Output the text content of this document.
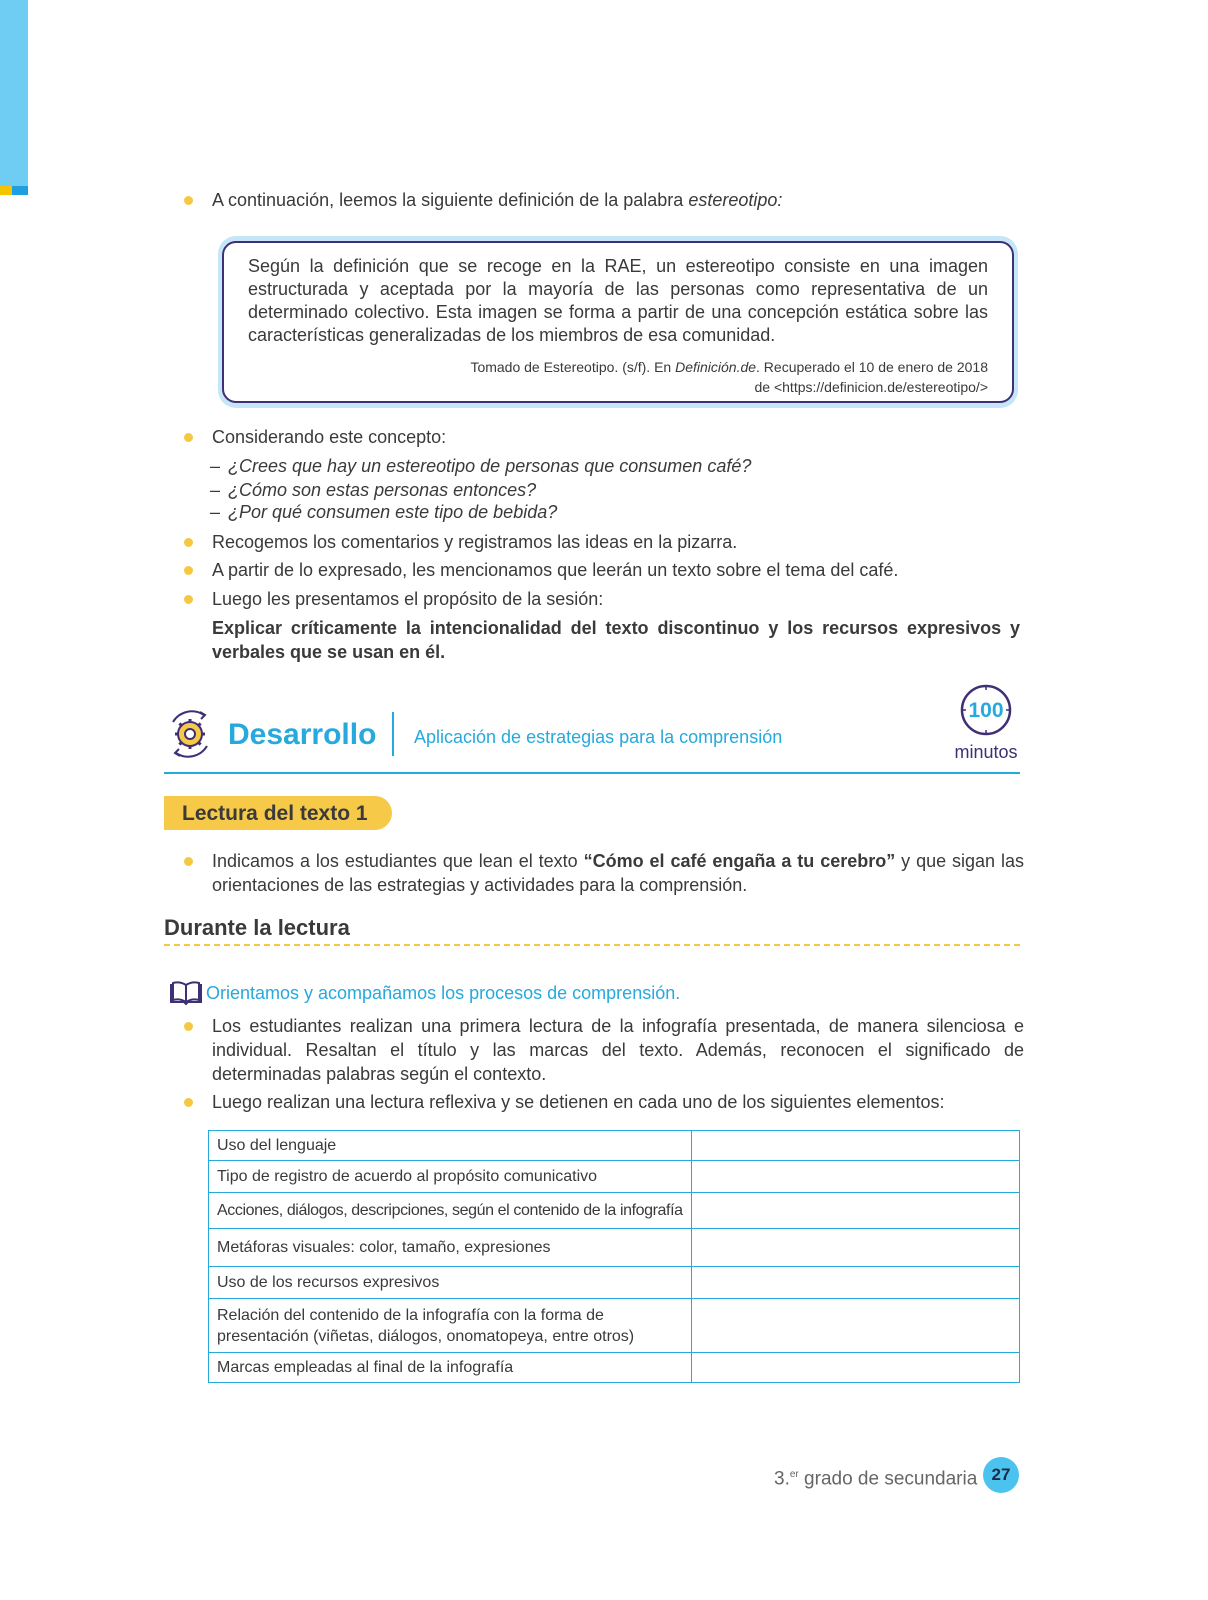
A continuación, leemos la siguiente definición de la palabra estereotipo:
Según la definición que se recoge en la RAE, un estereotipo consiste en una imagen estructurada y aceptada por la mayoría de las personas como representativa de un determinado colectivo. Esta imagen se forma a partir de una concepción estática sobre las características generalizadas de los miembros de esa comunidad.
Tomado de Estereotipo. (s/f). En Definición.de. Recuperado el 10 de enero de 2018
de <https://definicion.de/estereotipo/>
Considerando este concepto:
– ¿Crees que hay un estereotipo de personas que consumen café?
– ¿Cómo son estas personas entonces?
– ¿Por qué consumen este tipo de bebida?
Recogemos los comentarios y registramos las ideas en la pizarra.
A partir de lo expresado, les mencionamos que leerán un texto sobre el tema del café.
Luego les presentamos el propósito de la sesión:
Explicar críticamente la intencionalidad del texto discontinuo y los recursos expresivos y verbales que se usan en él.
Desarrollo Aplicación de estrategias para la comprensión
100
minutos
Lectura del texto 1
Indicamos a los estudiantes que lean el texto “Cómo el café engaña a tu cerebro” y que sigan las orientaciones de las estrategias y actividades para la comprensión.
Durante la lectura
Orientamos y acompañamos los procesos de comprensión.
Los estudiantes realizan una primera lectura de la infografía presentada, de manera silenciosa e individual. Resaltan el título y las marcas del texto. Además, reconocen el significado de determinadas palabras según el contexto.
Luego realizan una lectura reflexiva y se detienen en cada uno de los siguientes elementos:
Uso del lenguaje	
Tipo de registro de acuerdo al propósito comunicativo	
Acciones, diálogos, descripciones, según el contenido de la infografía	
Metáforas visuales: color, tamaño, expresiones	
Uso de los recursos expresivos	
Relación del contenido de la infografía con la forma de presentación (viñetas, diálogos, onomatopeya, entre otros)	
Marcas empleadas al final de la infografía	
3.$^{er}$ grado de secundaria 27
